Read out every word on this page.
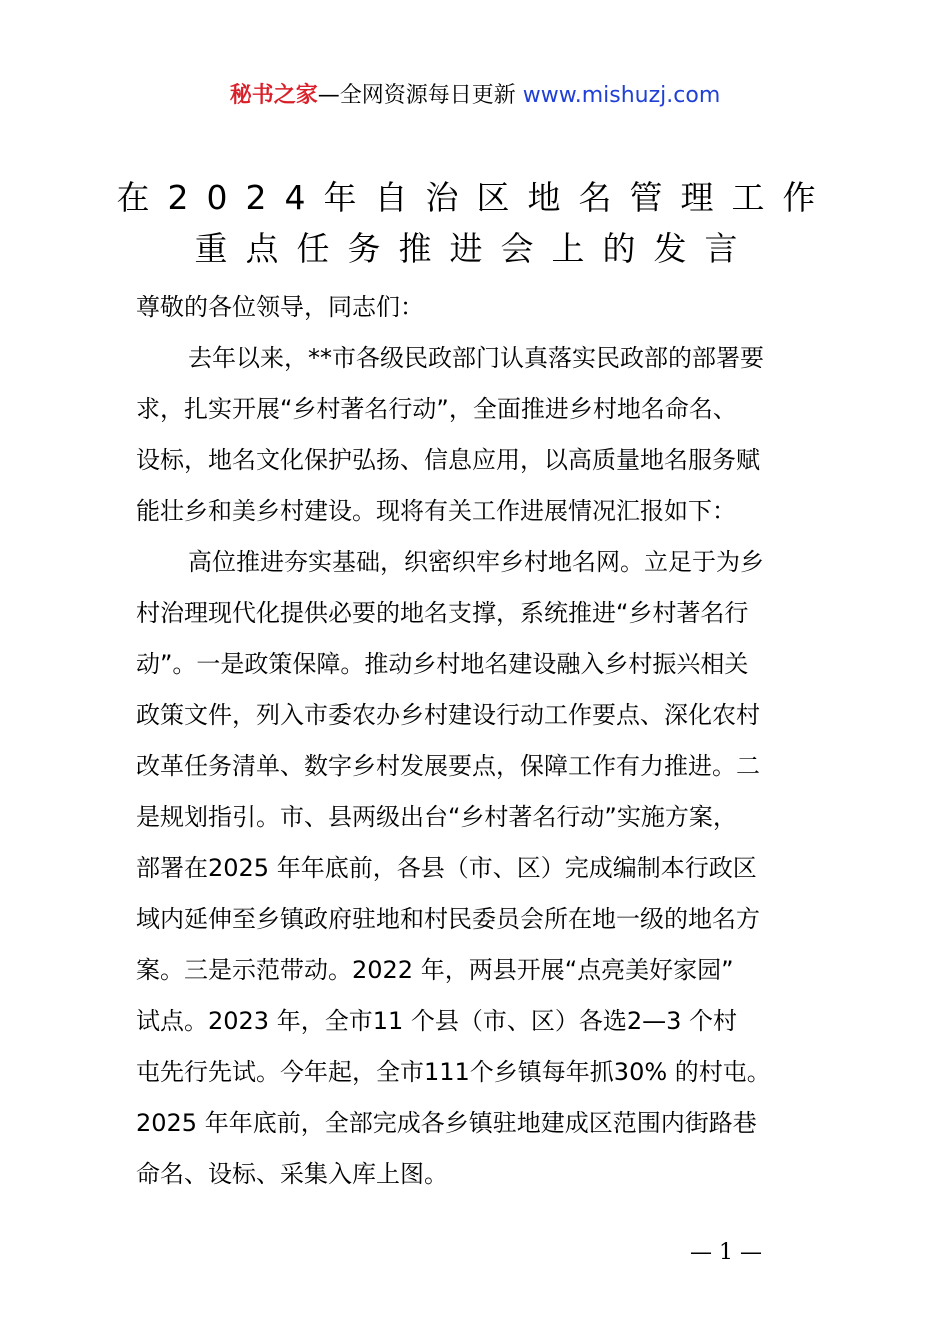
秘书之家—全网资源每日更新 www.mishuzj.com
在2024年自治区地名管理工作
重点任务推进会上的发言
尊敬的各位领导，同志们：
去年以来，**市各级民政部门认真落实民政部的部署要
求，扎实开展“乡村著名行动”，全面推进乡村地名命名、
设标，地名文化保护弘扬、信息应用，以高质量地名服务赋
能壮乡和美乡村建设。现将有关工作进展情况汇报如下：
高位推进夯实基础，织密织牢乡村地名网。立足于为乡
村治理现代化提供必要的地名支撑，系统推进“乡村著名行
动”。一是政策保障。推动乡村地名建设融入乡村振兴相关
政策文件，列入市委农办乡村建设行动工作要点、深化农村
改革任务清单、数字乡村发展要点，保障工作有力推进。二
是规划指引。市、县两级出台“乡村著名行动”实施方案，
部署在2025 年年底前，各县（市、区）完成编制本行政区
域内延伸至乡镇政府驻地和村民委员会所在地一级的地名方
案。三是示范带动。2022 年，两县开展“点亮美好家园”
试点。2023 年，全市11 个县（市、区）各选2—3 个村
屯先行先试。今年起，全市111个乡镇每年抓30% 的村屯。
2025 年年底前，全部完成各乡镇驻地建成区范围内街路巷
命名、设标、采集入库上图。
— 1 —
